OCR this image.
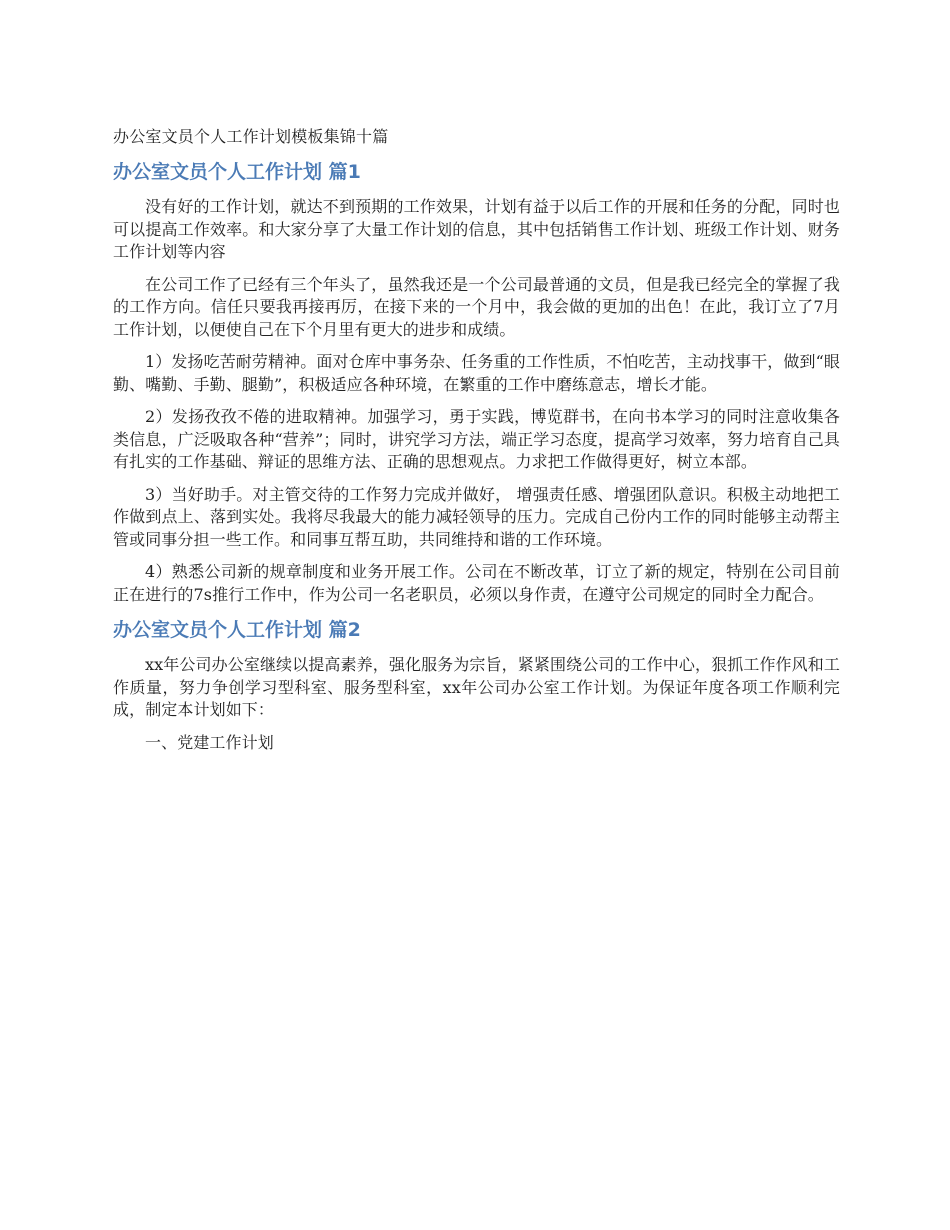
办公室文员个人工作计划模板集锦十篇
办公室文员个人工作计划 篇1

没有好的工作计划，就达不到预期的工作效果，计划有益于以后工作的开展和任务的分配，同时也可以提高工作效率。和大家分享了大量工作计划的信息，其中包括销售工作计划、班级工作计划、财务工作计划等内容

在公司工作了已经有三个年头了，虽然我还是一个公司最普通的文员，但是我已经完全的掌握了我的工作方向。信任只要我再接再厉，在接下来的一个月中，我会做的更加的出色！在此，我订立了7月工作计划，以便使自己在下个月里有更大的进步和成绩。

1）发扬吃苦耐劳精神。面对仓库中事务杂、任务重的工作性质，不怕吃苦，主动找事干，做到“眼勤、嘴勤、手勤、腿勤”，积极适应各种环境，在繁重的工作中磨练意志，增长才能。

2）发扬孜孜不倦的进取精神。加强学习，勇于实践，博览群书，在向书本学习的同时注意收集各类信息，广泛吸取各种“营养”；同时，讲究学习方法，端正学习态度，提高学习效率，努力培育自己具有扎实的工作基础、辩证的思维方法、正确的思想观点。力求把工作做得更好，树立本部。

3）当好助手。对主管交待的工作努力完成并做好， 增强责任感、增强团队意识。积极主动地把工作做到点上、落到实处。我将尽我最大的能力减轻领导的压力。完成自己份内工作的同时能够主动帮主管或同事分担一些工作。和同事互帮互助，共同维持和谐的工作环境。

4）熟悉公司新的规章制度和业务开展工作。公司在不断改革，订立了新的规定，特别在公司目前正在进行的7s推行工作中，作为公司一名老职员，必须以身作责，在遵守公司规定的同时全力配合。

办公室文员个人工作计划 篇2

xx年公司办公室继续以提高素养，强化服务为宗旨，紧紧围绕公司的工作中心，狠抓工作作风和工作质量，努力争创学习型科室、服务型科室，xx年公司办公室工作计划。为保证年度各项工作顺利完成，制定本计划如下：

一、党建工作计划
